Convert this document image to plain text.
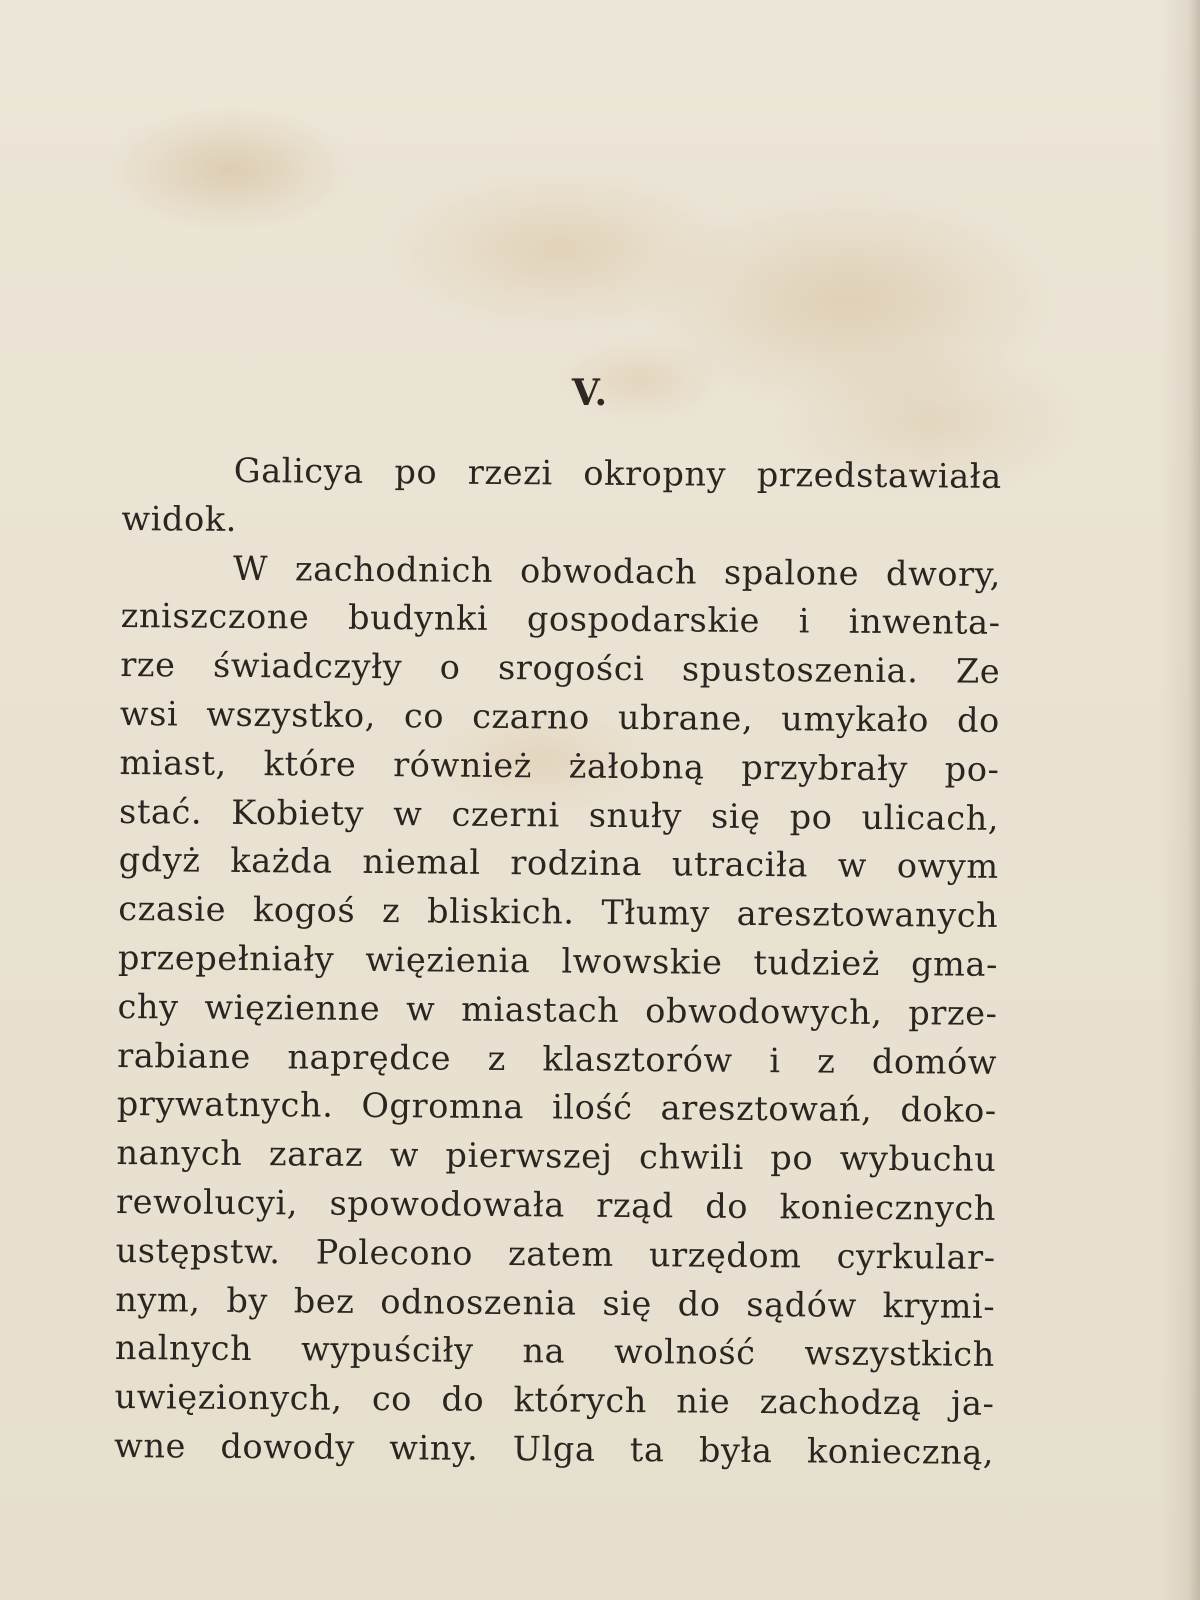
V.
Galicya po rzezi okropny przedstawiała
widok.
W zachodnich obwodach spalone dwory,
zniszczone budynki gospodarskie i inwenta-
rze świadczyły o srogości spustoszenia. Ze
wsi wszystko, co czarno ubrane, umykało do
miast, które również żałobną przybrały po-
stać. Kobiety w czerni snuły się po ulicach,
gdyż każda niemal rodzina utraciła w owym
czasie kogoś z bliskich. Tłumy aresztowanych
przepełniały więzienia lwowskie tudzież gma-
chy więzienne w miastach obwodowych, prze-
rabiane naprędce z klasztorów i z domów
prywatnych. Ogromna ilość aresztowań, doko-
nanych zaraz w pierwszej chwili po wybuchu
rewolucyi, spowodowała rząd do koniecznych
ustępstw. Polecono zatem urzędom cyrkular-
nym, by bez odnoszenia się do sądów krymi-
nalnych wypuściły na wolność wszystkich
uwięzionych, co do których nie zachodzą ja-
wne dowody winy. Ulga ta była konieczną,
